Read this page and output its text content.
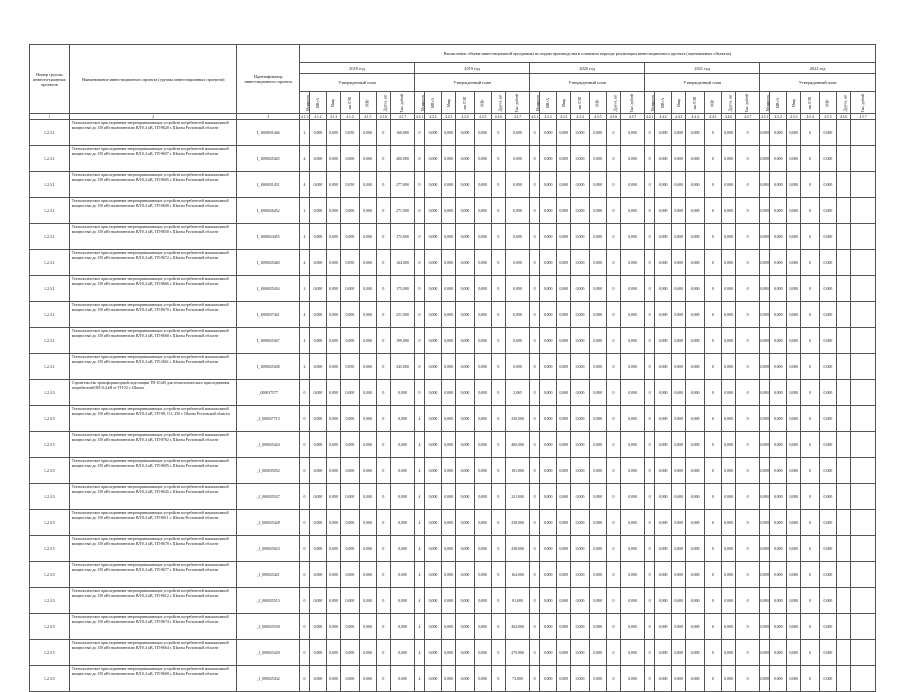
Номер группы инвести-ционных проектов	Наименование инвестиционного проекта (группы инвестиционных проектов)	Идентификатор инвестиционного проекта	Вычисление объема инвестиционной программы по видам производства в плановом периоде реализации инвестиционного проекта (оцениваемых объектах)																																		
			2018 год							2019 год							2020 год							2021 год							2022 год						
			Утвержденный план							Утвержденный план							Утвержденный план							Утвержденный план							Утвержденный план						
			Мощность	МВ×А	Мвар	км ЛЭП	МВт	Другое, шт	Тыс. рублей	Мощность	МВ×А	Мвар	км ЛЭП	МВт	Другое, шт	Тыс. рублей	Мощность	МВ×А	Мвар	км ЛЭП	МВт	Другое, шт	Тыс. рублей	Мощность	МВ×А	Мвар	км ЛЭП	МВт	Другое, шт	Тыс. рублей	Мощность	МВ×А	Мвар	км ЛЭП	МВт	Другое, шт	Тыс. рублей
1	2	3	4.1.1	4.1.2	4.1.3	4.1.4	4.1.5	4.1.6	4.1.7	4.2.1	4.2.2	4.2.3	4.2.4	4.2.5	4.2.6	4.2.7	4.3.1	4.3.2	4.3.3	4.3.4	4.3.5	4.3.6	4.3.7	4.4.1	4.4.2	4.4.3	4.4.4	4.4.5	4.4.6	4.4.7	4.5.1	4.5.2	4.5.3	4.5.4	4.5.5	4.5.6	4.5.7
1.2.3.1	Технологическое присоединение энергопринимающих устройств потребителей максимальной мощностью до 150 кВт включительно ВЛ-0,4 кВ, ТП-8620 г. Шахты Ростовской области	I_1000031446	2	0,000	0,000	0,050	0,000	0	160,000	0	0,000	0,000	0,000	0,000	0	0,000	0	0,000	0,000	0,000	0,000	0	0,000	0	0,000	0,000	0,000	0	0,000	0	0,000	0,000	0,000	0	0,000		
1.2.3.1	Технологическое присоединение энергопринимающих устройств потребителей максимальной мощностью до 150 кВт включительно ВЛ-0,4 кВ, ТП-8607 г. Шахты Ростовской области	I_1000025445	4	0,000	0,000	0,000	0,000	0	400,000	0	0,000	0,000	0,000	0,000	0	0,000	0	0,000	0,000	0,000	0,000	0	0,000	0	0,000	0,000	0,000	0	0,000	0	0,000	0,000	0,000	0	0,000		
1.2.3.1	Технологическое присоединение энергопринимающих устройств потребителей максимальной мощностью до 150 кВт включительно ВЛ-0,4 кВ, ТП-8605 г. Шахты Ростовской области	I_1000031451	4	0,000	0,000	0,050	0,000	0	277,000	0	0,000	0,000	0,000	0,000	0	0,000	0	0,000	0,000	0,000	0,000	0	0,000	0	0,000	0,000	0,000	0	0,000	0	0,000	0,000	0,000	0	0,000		
1.2.3.1	Технологическое присоединение энергопринимающих устройств потребителей максимальной мощностью до 150 кВт включительно ВЛ-0,4 кВ, ТП-8608 г. Шахты Ростовской области	I_1000026452	2	0,000	0,000	0,000	0,000	0	271,000	0	0,000	0,000	0,000	0,000	0	0,000	0	0,000	0,000	0,000	0,000	0	0,000	0	0,000	0,000	0,000	0	0,000	0	0,000	0,000	0,000	0	0,000		
1.2.3.1	Технологическое присоединение энергопринимающих устройств потребителей максимальной мощностью до 150 кВт включительно ВЛ-0,4 кВ, ТП-8650 г. Шахты Ростовской области	I_1000023455	4	0,000	0,000	0,000	0,000	0	175,000	0	0,000	0,000	0,000	0,000	0	0,000	0	0,000	0,000	0,000	0,000	0	0,000	0	0,000	0,000	0,000	0	0,000	0	0,000	0,000	0,000	0	0,000		
1.2.3.1	Технологическое присоединение энергопринимающих устройств потребителей максимальной мощностью до 150 кВт включительно ВЛ-0,4 кВ, ТП-8672 г. Шахты Ростовской области	I_1000025440	4	0,000	0,000	0,050	0,000	0	164,000	0	0,000	0,000	0,000	0,000	0	0,000	0	0,000	0,000	0,000	0,000	0	0,000	0	0,000	0,000	0,000	0	0,000	0	0,000	0,000	0,000	0	0,000		
1.2.3.1	Технологическое присоединение энергопринимающих устройств потребителей максимальной мощностью до 150 кВт включительно ВЛ-0,4 кВ, ТП-8666 г. Шахты Ростовской области	I_1000025434	2	0,000	0,000	0,000	0,000	0	175,000	0	0,000	0,000	0,000	0,000	0	0,000	0	0,000	0,000	0,000	0,000	0	0,000	0	0,000	0,000	0,000	0	0,000	0	0,000	0,000	0,000	0	0,000		
1.2.3.1	Технологическое присоединение энергопринимающих устройств потребителей максимальной мощностью до 150 кВт включительно ВЛ-0,4 кВ, ТП-8670 г. Шахты Ростовской области	I_1000037441	4	0,000	0,000	0,000	0,000	0	251,000	0	0,000	0,000	0,000	0,000	0	0,000	0	0,000	0,000	0,000	0,000	0	0,000	0	0,000	0,000	0,000	0	0,000	0	0,000	0,000	0,000	0	0,000		
1.2.3.1	Технологическое присоединение энергопринимающих устройств потребителей максимальной мощностью до 150 кВт включительно ВЛ-0,4 кВ, ТП-8668 г. Шахты Ростовской области	I_1000025447	4	0,000	0,000	0,000	0,000	0	199,000	0	0,000	0,000	0,000	0,000	0	0,000	0	0,000	0,000	0,000	0,000	0	0,000	0	0,000	0,000	0,000	0	0,000	0	0,000	0,000	0,000	0	0,000		
1.2.3.1	Технологическое присоединение энергопринимающих устройств потребителей максимальной мощностью до 150 кВт включительно ВЛ-0,4 кВ, ТП-2661 г. Шахты Ростовской области	I_1000025438	2	0,000	0,000	0,050	0,000	0	245,000	0	0,000	0,000	0,000	0,000	0	0,000	0	0,000	0,000	0,000	0,000	0	0,000	0	0,000	0,000	0,000	0	0,000	0	0,000	0,000	0,000	0	0,000		
1.2.3.5	Строительство трансформаторной подстанции ТП-10 кВ для технологического присоединения потребителей ВЛ-0,4 кВ от ТП-52 г. Шахты	_000037577	0	0,000	0,000	0,000	0,000	0	0,000	0	0,000	0,000	0,000	0,000	0	2,065	0	0,000	0,000	0,000	0,000	0	0,000	0	0,000	0,000	0,000	0	0,000	0	0,000	0,000	0,000	0	0,000		
1.2.3.5	Технологическое присоединение энергопринимающих устройств потребителей максимальной мощностью до 150 кВт включительно ВЛ-0,4 кВ, ТП-98, 111, 250 г. Шахты Ростовской области	_J_000027713	0	0,000	0,000	0,000	0,000	0	0,000	4	0,000	0,000	0,000	0,000	0	230,000	0	0,000	0,000	0,000	0,000	0	0,000	0	0,000	0,000	0,000	0	0,000	0	0,000	0,000	0,000	0	0,000		
1.2.3.5	Технологическое присоединение энергопринимающих устройств потребителей максимальной мощностью до 150 кВт включительно ВЛ-0,4 кВ, ТП-8762 г. Шахты Ростовской области	_J_000025424	0	0,000	0,000	0,000	0,000	0	0,000	4	0,000	0,000	0,000	0,000	0	400,000	0	0,000	0,000	0,000	0,000	0	0,000	0	0,000	0,000	0,000	0	0,000	0	0,000	0,000	0,000	0	0,000		
1.2.3.5	Технологическое присоединение энергопринимающих устройств потребителей максимальной мощностью до 150 кВт включительно ВЛ-0,4 кВ, ТП-8695 г. Шахты Ростовской области	_J_000035052	0	0,000	0,000	0,000	0,000	0	0,000	4	0,000	0,000	0,000	0,000	0	181,000	0	0,000	0,000	0,000	0,000	0	0,000	0	0,000	0,000	0,000	0	0,000	0	0,000	0,000	0,000	0	0,000		
1.2.3.5	Технологическое присоединение энергопринимающих устройств потребителей максимальной мощностью до 150 кВт включительно ВЛ-0,4 кВ, ТП-8645 г. Шахты Ростовской области	_J_000025527	0	0,000	0,000	0,000	0,000	0	0,000	4	0,000	0,000	0,000	0,000	0	221,000	0	0,000	0,000	0,000	0,000	0	0,000	0	0,000	0,000	0,000	0	0,000	0	0,000	0,000	0,000	0	0,000		
1.2.3.5	Технологическое присоединение энергопринимающих устройств потребителей максимальной мощностью до 150 кВт включительно ВЛ-0,4 кВ, ТП-8611 г. Шахты Ростовской области	_J_000025428	0	0,000	0,000	0,000	0,000	0	0,000	4	0,000	0,000	0,000	0,000	0	238,000	0	0,000	0,000	0,000	0,000	0	0,000	0	0,000	0,000	0,000	0	0,000	0	0,000	0,000	0,000	0	0,000		
1.2.3.5	Технологическое присоединение энергопринимающих устройств потребителей максимальной мощностью до 150 кВт включительно ВЛ-0,4 кВ, ТП-8678 г. Шахты Ростовской области	_J_000025023	0	0,000	0,000	0,000	0,000	0	0,000	4	0,000	0,000	0,000	0,000	0	238,000	0	0,000	0,000	0,000	0,000	0	0,000	0	0,000	0,000	0,000	0	0,000	0	0,000	0,000	0,000	0	0,000		
1.2.3.5	Технологическое присоединение энергопринимающих устройств потребителей максимальной мощностью до 150 кВт включительно ВЛ-0,4 кВ, ТП-8677 г. Шахты Ростовской области	_J_000025421	0	0,000	0,000	0,000	0,000	0	0,000	4	0,000	0,000	0,000	0,000	0	164,000	0	0,000	0,000	0,000	0,000	0	0,000	0	0,000	0,000	0,000	0	0,000	0	0,000	0,000	0,000	0	0,000		
1.2.3.5	Технологическое присоединение энергопринимающих устройств потребителей максимальной мощностью до 150 кВт включительно ВЛ-0,4 кВ, ТП-8612 г. Шахты Ростовской области	_J_000025513	0	0,000	0,000	0,000	0,000	0	0,000	4	0,000	0,000	0,000	0,000	0	81,000	0	0,000	0,000	0,000	0,000	0	0,000	0	0,000	0,000	0,000	0	0,000	0	0,000	0,000	0,000	0	0,000		
1.2.3.5	Технологическое присоединение энергопринимающих устройств потребителей максимальной мощностью до 150 кВт включительно ВЛ-0,4 кВ, ТП-8674 г. Шахты Ростовской области	_J_000025530	0	0,000	0,000	0,000	0,000	0	0,000	4	0,000	0,000	0,000	0,000	0	204,000	0	0,000	0,000	0,000	0,000	0	0,000	0	0,000	0,000	0,000	0	0,000	0	0,000	0,000	0,000	0	0,000		
1.2.3.5	Технологическое присоединение энергопринимающих устройств потребителей максимальной мощностью до 150 кВт включительно ВЛ-0,4 кВ, ТП-8664 г. Шахты Ростовской области	_J_000025429	0	0,000	0,000	0,000	0,000	0	0,000	4	0,000	0,000	0,000	0,000	0	279,000	0	0,000	0,000	0,000	0,000	0	0,000	0	0,000	0,000	0,000	0	0,000	0	0,000	0,000	0,000	0	0,000		
1.2.3.5	Технологическое присоединение энергопринимающих устройств потребителей максимальной мощностью до 150 кВт включительно ВЛ-0,4 кВ, ТП-8668 г. Шахты Ростовской области	_J_000025432	0	0,000	0,000	0,000	0,000	0	0,000	4	0,000	0,000	0,000	0,000	0	73,000	0	0,000	0,000	0,000	0,000	0	0,000	0	0,000	0,000	0,000	0	0,000	0	0,000	0,000	0,000	0	0,000		
